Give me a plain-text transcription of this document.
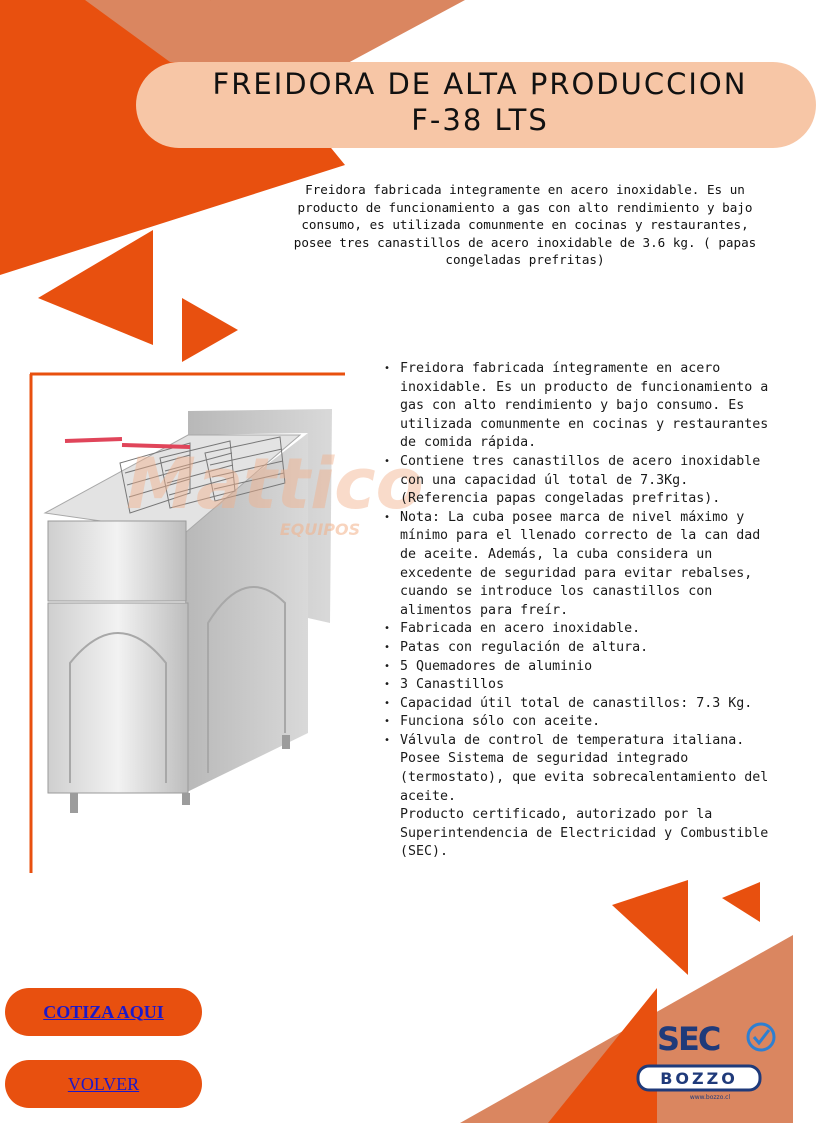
FREIDORA DE ALTA PRODUCCION
F-38 LTS
Freidora fabricada integramente en acero inoxidable. Es un producto de funcionamiento a gas con alto rendimiento y bajo consumo, es utilizada comunmente en cocinas y restaurantes, posee tres canastillos de acero inoxidable de 3.6 kg. ( papas congeladas prefritas)
Mattico
EQUIPOS
• Freidora fabricada íntegramente en acero inoxidable. Es un producto de funcionamiento a gas con alto rendimiento y bajo consumo. Es utilizada comunmente en cocinas y restaurantes de comida rápida.
• Contiene tres canastillos de acero inoxidable con una capacidad úl total de 7.3Kg. (Referencia papas congeladas prefritas).
• Nota: La cuba posee marca de nivel máximo y mínimo para el llenado correcto de la can dad de aceite. Además, la cuba considera un excedente de seguridad para evitar rebalses, cuando se introduce los canastillos con alimentos para freír.
• Fabricada en acero inoxidable.
• Patas con regulación de altura.
• 5 Quemadores de aluminio
• 3 Canastillos
• Capacidad útil total de canastillos: 7.3 Kg.
• Funciona sólo con aceite.
• Válvula de control de temperatura italiana.
Posee Sistema de seguridad integrado (termostato), que evita sobrecalentamiento del aceite.
Producto certificado, autorizado por la Superintendencia de Electricidad y Combustible (SEC).
COTIZA AQUI
VOLVER
SEC
BOZZO
www.bozzo.cl
